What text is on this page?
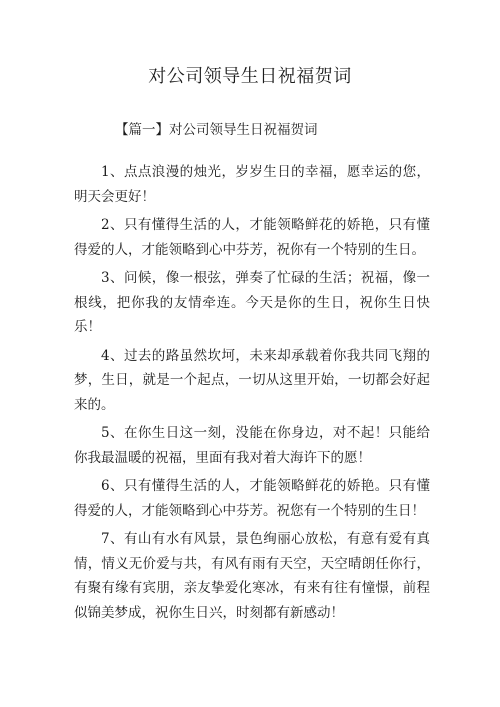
对公司领导生日祝福贺词

【篇一】对公司领导生日祝福贺词

1、点点浪漫的烛光，岁岁生日的幸福，愿幸运的您，明天会更好！

2、只有懂得生活的人，才能领略鲜花的娇艳，只有懂得爱的人，才能领略到心中芬芳，祝你有一个特别的生日。

3、问候，像一根弦，弹奏了忙碌的生活；祝福，像一根线，把你我的友情牵连。今天是你的生日，祝你生日快乐！

4、过去的路虽然坎坷，未来却承载着你我共同飞翔的梦，生日，就是一个起点，一切从这里开始，一切都会好起来的。

5、在你生日这一刻，没能在你身边，对不起！只能给你我最温暖的祝福，里面有我对着大海许下的愿！

6、只有懂得生活的人，才能领略鲜花的娇艳。只有懂得爱的人，才能领略到心中芬芳。祝您有一个特别的生日！

7、有山有水有风景，景色绚丽心放松，有意有爱有真情，情义无价爱与共，有风有雨有天空，天空晴朗任你行，有聚有缘有宾朋，亲友挚爱化寒冰，有来有往有憧憬，前程似锦美梦成，祝你生日兴，时刻都有新感动！
